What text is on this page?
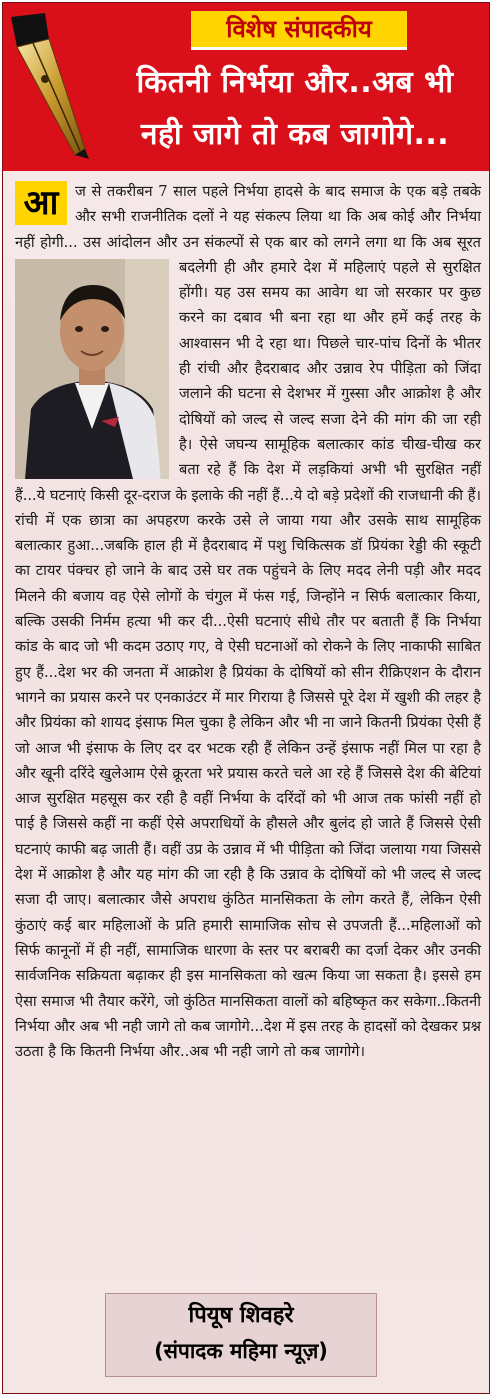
विशेष संपादकीय
कितनी निर्भया और..अब भी
नही जागे तो कब जागोगे...
आ	ज से तकरीबन 7 साल पहले निर्भया हादसे के बाद समाज के एक बड़े तबके और सभी राजनीतिक दलों ने यह संकल्प लिया था कि अब कोई और निर्भया नहीं होगी... उस आंदोलन और उन संकल्पों से एक बार को लगने लगा था कि अब सूरत बदलेगी ही और हमारे देश में महिलाएं पहले से सुरक्षित होंगी। यह उस समय का आवेग था जो सरकार पर कुछ करने का दबाव भी बना रहा था और हमें कई तरह के आश्वासन भी दे रहा था। पिछले चार-पांच दिनों के भीतर ही रांची और हैदराबाद और उन्नाव रेप पीड़िता को जिंदा जलाने की घटना से देशभर में गुस्सा और आक्रोश है और दोषियों को जल्द से जल्द सजा देने की मांग की जा रही है। ऐसे जघन्य सामूहिक बलात्कार कांड चीख-चीख कर बता रहे हैं कि देश में लड़कियां अभी भी सुरक्षित नहीं हैं...ये घटनाएं किसी दूर-दराज के इलाके की नहीं हैं...ये दो बड़े प्रदेशों की राजधानी की हैं। रांची में एक छात्रा का अपहरण करके उसे ले जाया गया और उसके साथ सामूहिक बलात्कार हुआ...जबकि हाल ही में हैदराबाद में पशु चिकित्सक डॉ प्रियंका रेड्डी की स्कूटी का टायर पंक्चर हो जाने के बाद उसे घर तक पहुंचने के लिए मदद लेनी पड़ी और मदद मिलने की बजाय वह ऐसे लोगों के चंगुल में फंस गई, जिन्होंने न सिर्फ बलात्कार किया, बल्कि उसकी निर्मम हत्या भी कर दी...ऐसी घटनाएं सीधे तौर पर बताती हैं कि निर्भया कांड के बाद जो भी कदम उठाए गए, वे ऐसी घटनाओं को रोकने के लिए नाकाफी साबित हुए हैं...देश भर की जनता में आक्रोश है प्रियंका के दोषियों को सीन रीक्रिएशन के दौरान भागने का प्रयास करने पर एनकाउंटर में मार गिराया है जिससे पूरे देश में खुशी की लहर है और प्रियंका को शायद इंसाफ मिल चुका है लेकिन और भी ना जाने कितनी प्रियंका ऐसी हैं जो आज भी इंसाफ के लिए दर दर भटक रही हैं लेकिन उन्हें इंसाफ नहीं मिल पा रहा है और खूनी दरिंदे खुलेआम ऐसे क्रूरता भरे प्रयास करते चले आ रहे हैं जिससे देश की बेटियां आज सुरक्षित महसूस कर रही है वहीं निर्भया के दरिंदों को भी आज तक फांसी नहीं हो पाई है जिससे कहीं ना कहीं ऐसे अपराधियों के हौसले और बुलंद हो जाते हैं जिससे ऐसी घटनाएं काफी बढ़ जाती हैं। वहीं उप्र के उन्नाव में भी पीड़िता को जिंदा जलाया गया जिससे देश में आक्रोश है और यह मांग की जा रही है कि उन्नाव के दोषियों को भी जल्द से जल्द सजा दी जाए। बलात्कार जैसे अपराध कुंठित मानसिकता के लोग करते हैं, लेकिन ऐसी कुंठाएं कई बार महिलाओं के प्रति हमारी सामाजिक सोच से उपजती हैं...महिलाओं को सिर्फ कानूनों में ही नहीं, सामाजिक धारणा के स्तर पर बराबरी का दर्जा देकर और उनकी सार्वजनिक सक्रियता बढ़ाकर ही इस मानसिकता को खत्म किया जा सकता है। इससे हम ऐसा समाज भी तैयार करेंगे, जो कुंठित मानसिकता वालों को बहिष्कृत कर सकेगा..कितनी निर्भया और अब भी नही जागे तो कब जागोगे...देश में इस तरह के हादसों को देखकर प्रश्न उठता है कि कितनी निर्भया और..अब भी नही जागे तो कब जागोगे।
पियूष शिवहरे
(संपादक महिमा न्यूज़)
